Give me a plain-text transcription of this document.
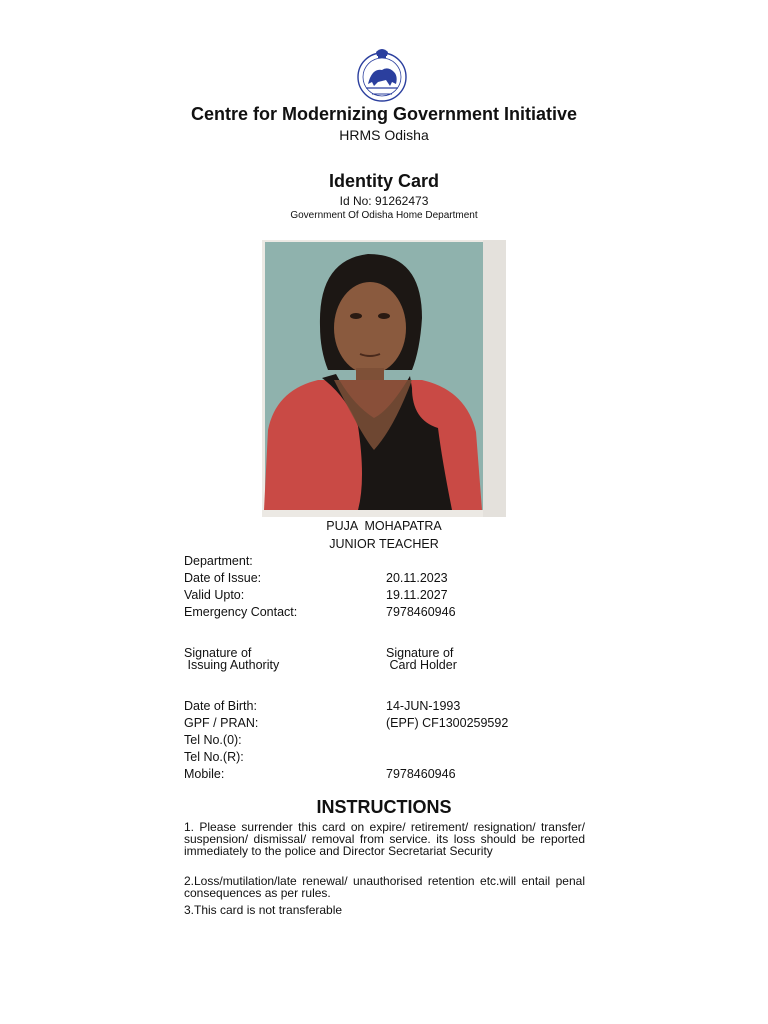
Centre for Modernizing Government Initiative
HRMS Odisha
Identity Card
Id No: 91262473
Government Of Odisha Home Department
PUJA  MOHAPATRA
JUNIOR TEACHER
Department:
Date of Issue:	20.11.2023
Valid Upto:	19.11.2027
Emergency Contact:	7978460946
Signature of
Issuing Authority
Signature of
Card Holder
Date of Birth:	14-JUN-1993
GPF / PRAN:	(EPF) CF1300259592
Tel No.(0):
Tel No.(R):
Mobile:	7978460946
INSTRUCTIONS
1. Please surrender this card on expire/ retirement/ resignation/ transfer/ suspension/ dismissal/ removal from service. its loss should be reported immediately to the police and Director Secretariat Security
2.Loss/mutilation/late renewal/ unauthorised retention etc.will entail penal consequences as per rules.
3.This card is not transferable
